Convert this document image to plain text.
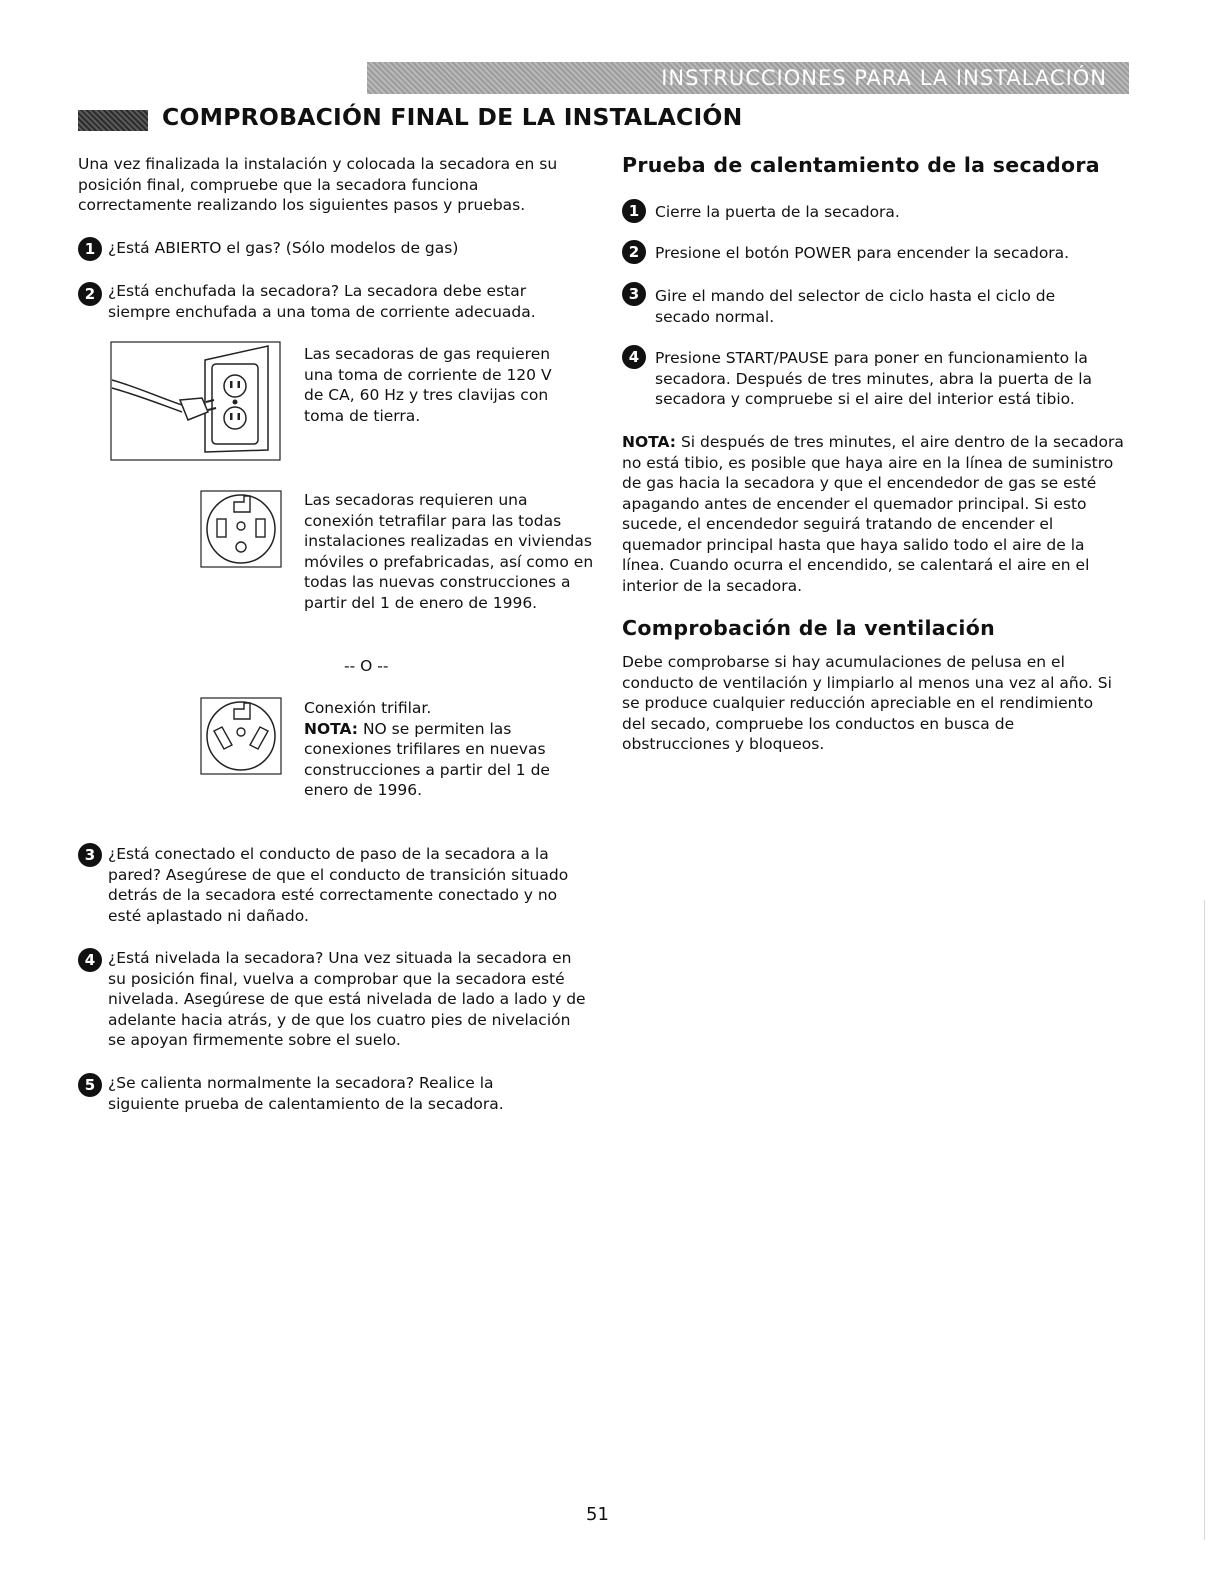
INSTRUCCIONES PARA LA INSTALACIÓN
COMPROBACIÓN FINAL DE LA INSTALACIÓN

Una vez finalizada la instalación y colocada la secadora en su posición final, compruebe que la secadora funciona correctamente realizando los siguientes pasos y pruebas.

1 ¿Está ABIERTO el gas? (Sólo modelos de gas)

2 ¿Está enchufada la secadora? La secadora debe estar siempre enchufada a una toma de corriente adecuada.

Las secadoras de gas requieren una toma de corriente de 120 V de CA, 60 Hz y tres clavijas con toma de tierra.

Las secadoras requieren una conexión tetrafilar para las todas instalaciones realizadas en viviendas móviles o prefabricadas, así como en todas las nuevas construcciones a partir del 1 de enero de 1996.

-- O --

Conexión trifilar.
NOTA: NO se permiten las conexiones trifilares en nuevas construcciones a partir del 1 de enero de 1996.

3 ¿Está conectado el conducto de paso de la secadora a la pared? Asegúrese de que el conducto de transición situado detrás de la secadora esté correctamente conectado y no esté aplastado ni dañado.

4 ¿Está nivelada la secadora? Una vez situada la secadora en su posición final, vuelva a comprobar que la secadora esté nivelada. Asegúrese de que está nivelada de lado a lado y de adelante hacia atrás, y de que los cuatro pies de nivelación se apoyan firmemente sobre el suelo.

5 ¿Se calienta normalmente la secadora? Realice la siguiente prueba de calentamiento de la secadora.

Prueba de calentamiento de la secadora
1	Cierre la puerta de la secadora.

2	Presione el botón POWER para encender la secadora.

3	Gire el mando del selector de ciclo hasta el ciclo de secado normal.

4	Presione START/PAUSE para poner en funcionamiento la secadora. Después de tres minutes, abra la puerta de la secadora y compruebe si el aire del interior está tibio.

NOTA: Si después de tres minutes, el aire dentro de la secadora no está tibio, es posible que haya aire en la línea de suministro de gas hacia la secadora y que el encendedor de gas se esté apagando antes de encender el quemador principal. Si esto sucede, el encendedor seguirá tratando de encender el quemador principal hasta que haya salido todo el aire de la línea. Cuando ocurra el encendido, se calentará el aire en el interior de la secadora.

Comprobación de la ventilación

Debe comprobarse si hay acumulaciones de pelusa en el conducto de ventilación y limpiarlo al menos una vez al año. Si se produce cualquier reducción apreciable en el rendimiento del secado, compruebe los conductos en busca de obstrucciones y bloqueos.

51
